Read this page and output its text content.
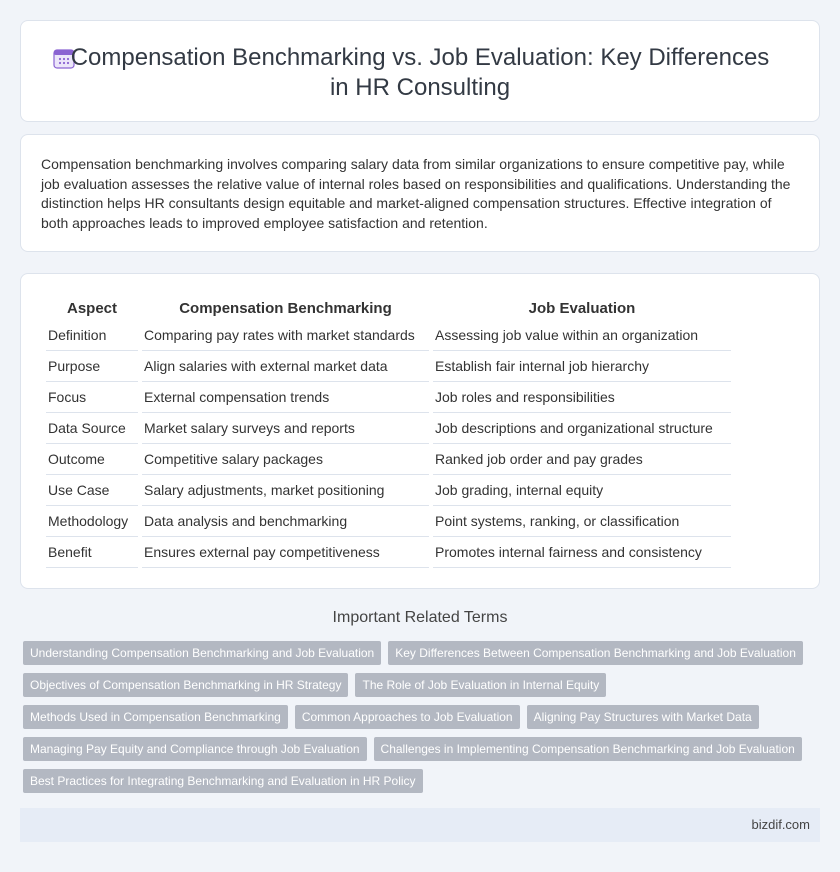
Compensation Benchmarking vs. Job Evaluation: Key Differences in HR Consulting

Compensation benchmarking involves comparing salary data from similar organizations to ensure competitive pay, while job evaluation assesses the relative value of internal roles based on responsibilities and qualifications. Understanding the distinction helps HR consultants design equitable and market-aligned compensation structures. Effective integration of both approaches leads to improved employee satisfaction and retention.

Aspect	Compensation Benchmarking	Job Evaluation
Definition	Comparing pay rates with market standards	Assessing job value within an organization
Purpose	Align salaries with external market data	Establish fair internal job hierarchy
Focus	External compensation trends	Job roles and responsibilities
Data Source	Market salary surveys and reports	Job descriptions and organizational structure
Outcome	Competitive salary packages	Ranked job order and pay grades
Use Case	Salary adjustments, market positioning	Job grading, internal equity
Methodology	Data analysis and benchmarking	Point systems, ranking, or classification
Benefit	Ensures external pay competitiveness	Promotes internal fairness and consistency
Important Related Terms
Understanding Compensation Benchmarking and Job Evaluation	Key Differences Between Compensation Benchmarking and Job Evaluation
Objectives of Compensation Benchmarking in HR Strategy	The Role of Job Evaluation in Internal Equity
Methods Used in Compensation Benchmarking	Common Approaches to Job Evaluation	Aligning Pay Structures with Market Data
Managing Pay Equity and Compliance through Job Evaluation	Challenges in Implementing Compensation Benchmarking and Job Evaluation
Best Practices for Integrating Benchmarking and Evaluation in HR Policy
bizdif.com
